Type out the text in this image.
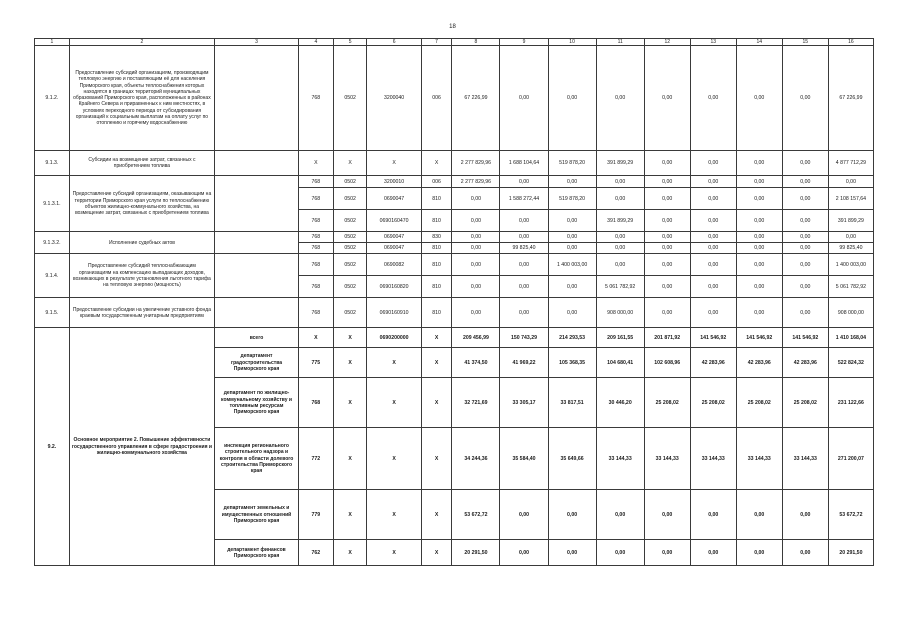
18
1	2	3	4	5	6	7	8	9	10	11	12	13	14	15	16
9.1.2.	Предоставление субсидий организациям, производящим тепловую энергию и поставляющим её для населения Приморского края, объекты теплоснабжения которых находятся в границах территорий муниципальных образований Приморского края, расположенных в районах Крайнего Севера и приравненных к ним местностях, в условиях переходного периода от субсидирования организаций к социальным выплатам на оплату услуг по отоплению и горячему водоснабжению		768	0502	3200040	006	67 226,99	0,00	0,00	0,00	0,00	0,00	0,00	0,00	67 226,99
9.1.3.	Субсидии на возмещение затрат, связанных с приобретением топлива		X	X	X	X	2 277 829,96	1 688 104,64	519 878,20	391 899,29	0,00	0,00	0,00	0,00	4 877 712,29
9.1.3.1.	Предоставление субсидий организациям, оказывающим на территории Приморского края услуги по теплоснабжению объектов жилищно-коммунального хозяйства, на возмещение затрат, связанных с приобретением топлива		768	0502	3200010	006	2 277 829,96	0,00	0,00	0,00	0,00	0,00	0,00	0,00	0,00
			768	0502	0690047	810	0,00	1 588 272,44	519 878,20	0,00	0,00	0,00	0,00	0,00	2 108 157,64
			768	0502	0690160470	810	0,00	0,00	0,00	391 899,29	0,00	0,00	0,00	0,00	391 899,29
9.1.3.2.	Исполнение судебных актов		768	0502	0690047	830	0,00	0,00	0,00	0,00	0,00	0,00	0,00	0,00	0,00
			768	0502	0690047	810	0,00	99 825,40	0,00	0,00	0,00	0,00	0,00	0,00	99 825,40
9.1.4.	Предоставление субсидий теплоснабжающим организациям на компенсацию выпадающих доходов, возникающих в результате установления льготного тарифа на тепловую энергию (мощность)		768	0502	0690082	810	0,00	0,00	1 400 003,00	0,00	0,00	0,00	0,00	0,00	1 400 003,00
			768	0502	0690160820	810	0,00	0,00	0,00	5 061 782,92	0,00	0,00	0,00	0,00	5 061 782,92
9.1.5.	Предоставление субсидии на увеличение уставного фонда краевым государственным унитарным предприятиям		768	0502	0690160910	810	0,00	0,00	0,00	908 000,00	0,00	0,00	0,00	0,00	908 000,00
9.2.	Основное мероприятие 2. Повышение эффективности государственного управления в сфере градостроения и жилищно-коммунального хозяйства	всего	X	X	0690200000	X	209 456,99	150 743,29	214 293,53	209 161,55	201 871,92	141 546,92	141 546,92	141 546,92	1 410 168,04
		департамент градостроительства Приморского края	775	X	X	X	41 374,50	41 969,22	105 368,35	104 680,41	102 608,96	42 283,96	42 283,96	42 283,96	522 824,32
		департамент по жилищно-коммунальному хозяйству и топливным ресурсам Приморского края	768	X	X	X	32 721,69	33 305,17	33 817,51	30 446,20	25 208,02	25 208,02	25 208,02	25 208,02	231 122,66
		инспекция регионального строительного надзора и контроля в области долевого строительства Приморского края	772	X	X	X	34 244,36	35 584,40	35 649,66	33 144,33	33 144,33	33 144,33	33 144,33	33 144,33	271 200,07
		департамент земельных и имущественных отношений Приморского края	779	X	X	X	53 672,72	0,00	0,00	0,00	0,00	0,00	0,00	0,00	53 672,72
		департамент финансов Приморского края	762	X	X	X	20 291,50	0,00	0,00	0,00	0,00	0,00	0,00	0,00	20 291,50
